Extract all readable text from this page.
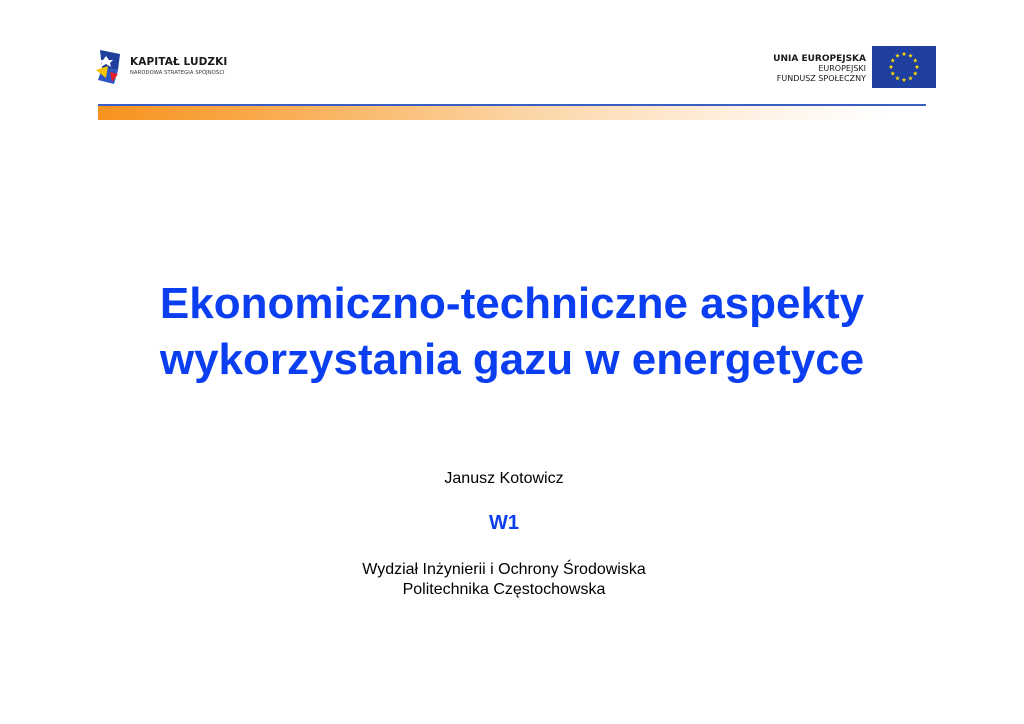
KAPITAŁ LUDZKI
NARODOWA STRATEGIA SPÓJNOŚCI
UNIA EUROPEJSKA
EUROPEJSKI
FUNDUSZ SPOŁECZNY
Ekonomiczno-techniczne aspekty
wykorzystania gazu w energetyce
Janusz Kotowicz
W1
Wydział Inżynierii i Ochrony Środowiska
Politechnika Częstochowska
